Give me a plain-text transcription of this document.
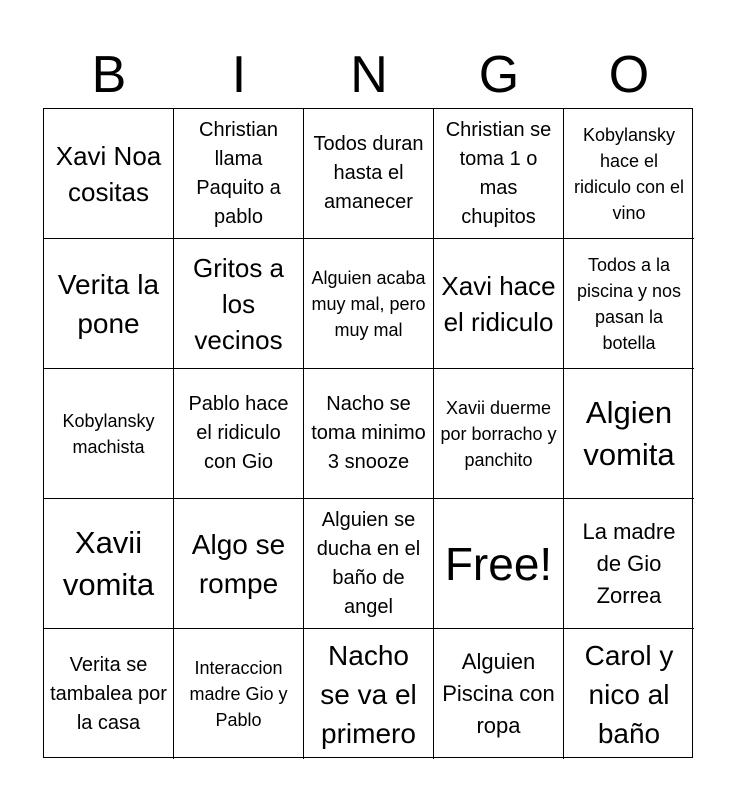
B	I	N	G	O
Xavi Noa cositas
Christian llama Paquito a pablo
Todos duran hasta el amanecer
Christian se toma 1 o mas chupitos
Kobylansky hace el ridiculo con el vino
Verita la pone
Gritos a los vecinos
Alguien acaba muy mal, pero muy mal
Xavi hace el ridiculo
Todos a la piscina y nos pasan la botella
Kobylansky machista
Pablo hace el ridiculo con Gio
Nacho se toma minimo 3 snooze
Xavii duerme por borracho y panchito
Algien vomita
Xavii vomita
Algo se rompe
Alguien se ducha en el baño de angel
Free!
La madre de Gio Zorrea
Verita se tambalea por la casa
Interaccion madre Gio y Pablo
Nacho se va el primero
Alguien Piscina con ropa
Carol y nico al baño
